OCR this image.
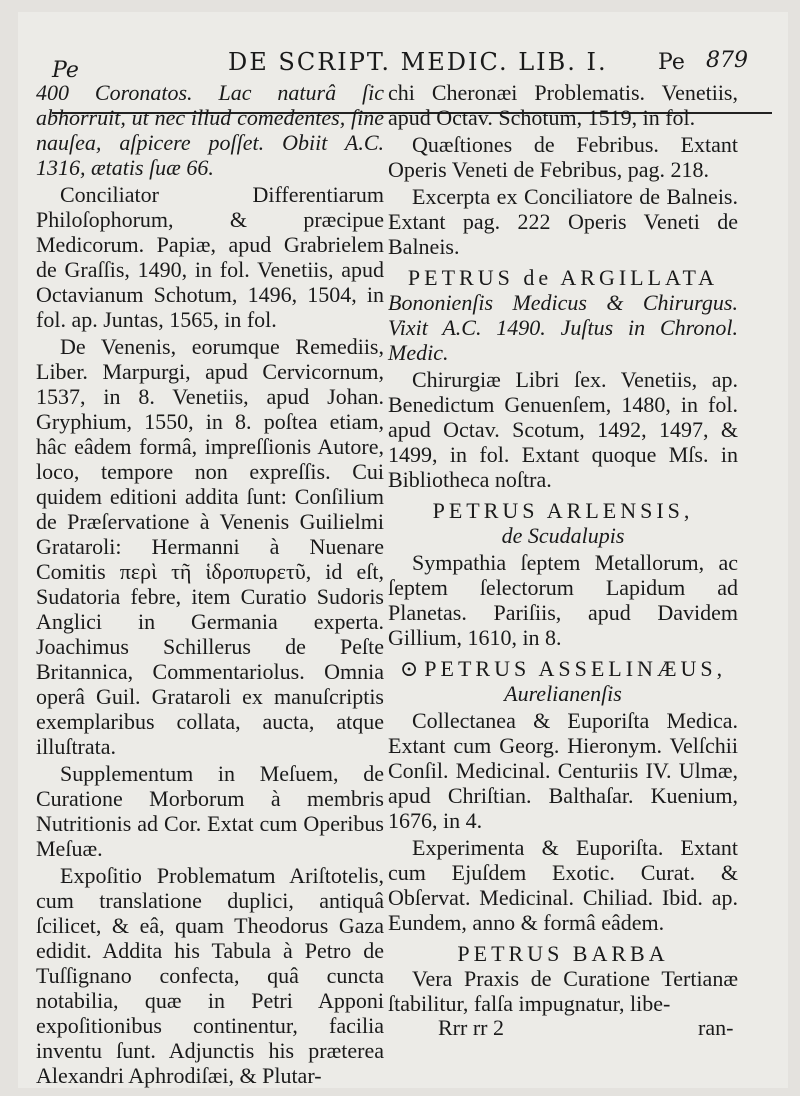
Pe	DE SCRIPT. MEDIC. LIB. I. Pe 879

400 Coronatos. Lac naturâ ſic abhorruit, ut nec illud comedentes, ſine nauſea, aſpicere poſſet. Obiit A.C. 1316, ætatis ſuæ 66.

Conciliator Differentiarum Philoſophorum, & præcipue Medicorum. Papiæ, apud Grabrielem de Graſſis, 1490, in fol. Venetiis, apud Octavianum Schotum, 1496, 1504, in fol. ap. Juntas, 1565, in fol.

De Venenis, eorumque Remediis, Liber. Marpurgi, apud Cervicornum, 1537, in 8. Venetiis, apud Johan. Gryphium, 1550, in 8. poſtea etiam, hâc eâdem formâ, impreſſionis Autore, loco, tempore non expreſſis. Cui quidem editioni addita ſunt: Conſilium de Præſervatione à Venenis Guilielmi Grataroli: Hermanni à Nuenare Comitis περὶ τῆ ἱδροπυρετῦ, id eſt, Sudatoria febre, item Curatio Sudoris Anglici in Germania experta. Joachimus Schillerus de Peſte Britannica, Commentariolus. Omnia operâ Guil. Grataroli ex manuſcriptis exemplaribus collata, aucta, atque illuſtrata.

Supplementum in Meſuem, de Curatione Morborum à membris Nutritionis ad Cor. Extat cum Operibus Meſuæ.

Expoſitio Problematum Ariſtotelis, cum translatione duplici, antiquâ ſcilicet, & eâ, quam Theodorus Gaza edidit. Addita his Tabula à Petro de Tuſſignano confecta, quâ cuncta notabilia, quæ in Petri Apponi expoſitionibus continentur, facilia inventu ſunt. Adjunctis his præterea Alexandri Aphrodiſæi, & Plutar-

chi Cheronæi Problematis. Venetiis, apud Octav. Schotum, 1519, in fol.

Quæſtiones de Febribus. Extant Operis Veneti de Febribus, pag. 218.

Excerpta ex Conciliatore de Balneis. Extant pag. 222 Operis Veneti de Balneis.

PETRUS de ARGILLATA

Bononienſis Medicus & Chirurgus. Vixit A.C. 1490. Juſtus in Chronol. Medic.

Chirurgiæ Libri ſex. Venetiis, ap. Benedictum Genuenſem, 1480, in fol. apud Octav. Scotum, 1492, 1497, & 1499, in fol. Extant quoque Mſs. in Bibliotheca noſtra.

PETRUS ARLENSIS,
de Scudalupis

Sympathia ſeptem Metallorum, ac ſeptem ſelectorum Lapidum ad Planetas. Pariſiis, apud Davidem Gillium, 1610, in 8.

⊙ PETRUS ASSELINÆUS,
Aurelianenſis

Collectanea & Euporiſta Medica. Extant cum Georg. Hieronym. Velſchii Conſil. Medicinal. Centuriis IV. Ulmæ, apud Chriſtian. Balthaſar. Kuenium, 1676, in 4.

Experimenta & Euporiſta. Extant cum Ejuſdem Exotic. Curat. & Obſervat. Medicinal. Chiliad. Ibid. ap. Eundem, anno & formâ eâdem.

PETRUS BARBA

Vera Praxis de Curatione Tertianæ ſtabilitur, falſa impugnatur, libe-

Rrr rr 2	ran-
